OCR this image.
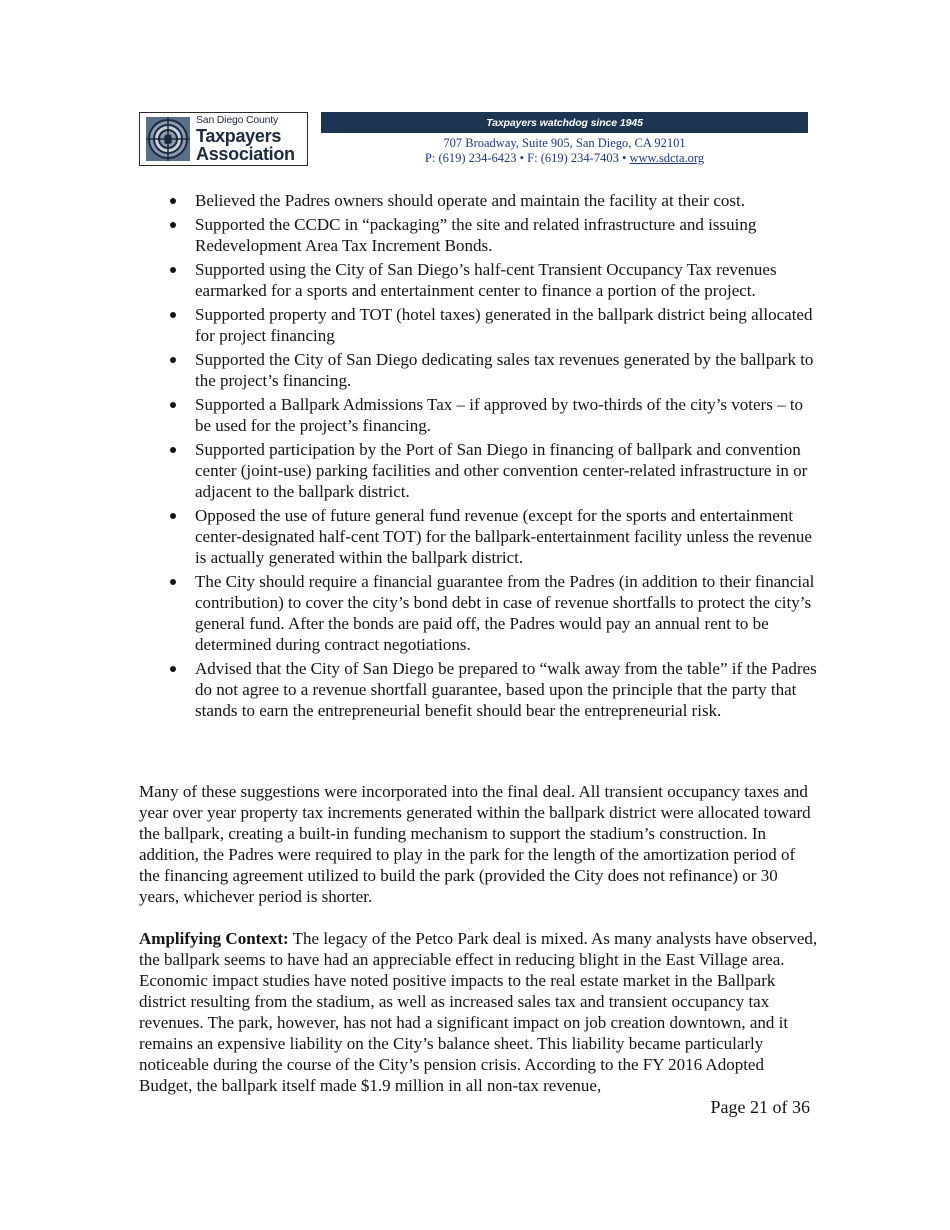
$
San Diego County
Taxpayers
Association
Taxpayers watchdog since 1945
707 Broadway, Suite 905, San Diego, CA 92101
P: (619) 234-6423 • F: (619) 234-7403 • www.sdcta.org
Believed the Padres owners should operate and maintain the facility at their cost.
Supported the CCDC in “packaging” the site and related infrastructure and issuing Redevelopment Area Tax Increment Bonds.
Supported using the City of San Diego’s half-cent Transient Occupancy Tax revenues earmarked for a sports and entertainment center to finance a portion of the project.
Supported property and TOT (hotel taxes) generated in the ballpark district being allocated for project financing
Supported the City of San Diego dedicating sales tax revenues generated by the ballpark to the project’s financing.
Supported a Ballpark Admissions Tax – if approved by two-thirds of the city’s voters – to be used for the project’s financing.
Supported participation by the Port of San Diego in financing of ballpark and convention center (joint-use) parking facilities and other convention center-related infrastructure in or adjacent to the ballpark district.
Opposed the use of future general fund revenue (except for the sports and entertainment center-designated half-cent TOT) for the ballpark-entertainment facility unless the revenue is actually generated within the ballpark district.
The City should require a financial guarantee from the Padres (in addition to their financial contribution) to cover the city’s bond debt in case of revenue shortfalls to protect the city’s general fund. After the bonds are paid off, the Padres would pay an annual rent to be determined during contract negotiations.
Advised that the City of San Diego be prepared to “walk away from the table” if the Padres do not agree to a revenue shortfall guarantee, based upon the principle that the party that stands to earn the entrepreneurial benefit should bear the entrepreneurial risk.

Many of these suggestions were incorporated into the final deal. All transient occupancy taxes and year over year property tax increments generated within the ballpark district were allocated toward the ballpark, creating a built-in funding mechanism to support the stadium’s construction. In addition, the Padres were required to play in the park for the length of the amortization period of the financing agreement utilized to build the park (provided the City does not refinance) or 30 years, whichever period is shorter.

Amplifying Context: The legacy of the Petco Park deal is mixed. As many analysts have observed, the ballpark seems to have had an appreciable effect in reducing blight in the East Village area. Economic impact studies have noted positive impacts to the real estate market in the Ballpark district resulting from the stadium, as well as increased sales tax and transient occupancy tax revenues. The park, however, has not had a significant impact on job creation downtown, and it remains an expensive liability on the City’s balance sheet. This liability became particularly noticeable during the course of the City’s pension crisis. According to the FY 2016 Adopted Budget, the ballpark itself made $1.9 million in all non-tax revenue,

Page 21 of 36
